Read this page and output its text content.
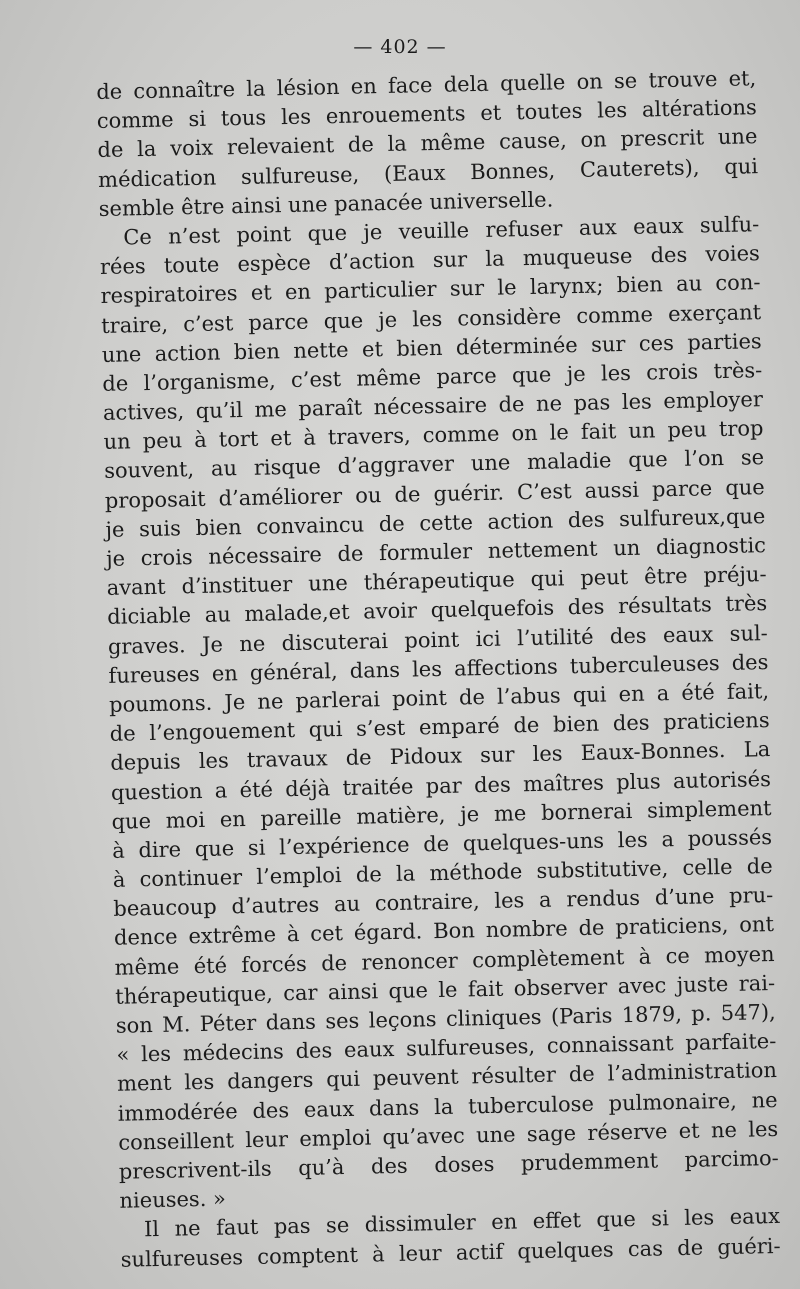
— 402 —
de connaître la lésion en face dela quelle on se trouve et,
comme si tous les enrouements et toutes les altérations
de la voix relevaient de la même cause, on prescrit une
médication sulfureuse, (Eaux Bonnes, Cauterets), qui
semble être ainsi une panacée universelle.
Ce n’est point que je veuille refuser aux eaux sulfu-
rées toute espèce d’action sur la muqueuse des voies
respiratoires et en particulier sur le larynx; bien au con-
traire, c’est parce que je les considère comme exerçant
une action bien nette et bien déterminée sur ces parties
de l’organisme, c’est même parce que je les crois très-
actives, qu’il me paraît nécessaire de ne pas les employer
un peu à tort et à travers, comme on le fait un peu trop
souvent, au risque d’aggraver une maladie que l’on se
proposait d’améliorer ou de guérir. C’est aussi parce que
je suis bien convaincu de cette action des sulfureux,que
je crois nécessaire de formuler nettement un diagnostic
avant d’instituer une thérapeutique qui peut être préju-
diciable au malade,et avoir quelquefois des résultats très
graves. Je ne discuterai point ici l’utilité des eaux sul-
fureuses en général, dans les affections tuberculeuses des
poumons. Je ne parlerai point de l’abus qui en a été fait,
de l’engouement qui s’est emparé de bien des praticiens
depuis les travaux de Pidoux sur les Eaux-Bonnes. La
question a été déjà traitée par des maîtres plus autorisés
que moi en pareille matière, je me bornerai simplement
à dire que si l’expérience de quelques-uns les a poussés
à continuer l’emploi de la méthode substitutive, celle de
beaucoup d’autres au contraire, les a rendus d’une pru-
dence extrême à cet égard. Bon nombre de praticiens, ont
même été forcés de renoncer complètement à ce moyen
thérapeutique, car ainsi que le fait observer avec juste rai-
son M. Péter dans ses leçons cliniques (Paris 1879, p. 547),
« les médecins des eaux sulfureuses, connaissant parfaite-
ment les dangers qui peuvent résulter de l’administration
immodérée des eaux dans la tuberculose pulmonaire, ne
conseillent leur emploi qu’avec une sage réserve et ne les
prescrivent-ils qu’à des doses prudemment parcimo-
nieuses. »
Il ne faut pas se dissimuler en effet que si les eaux
sulfureuses comptent à leur actif quelques cas de guéri-
